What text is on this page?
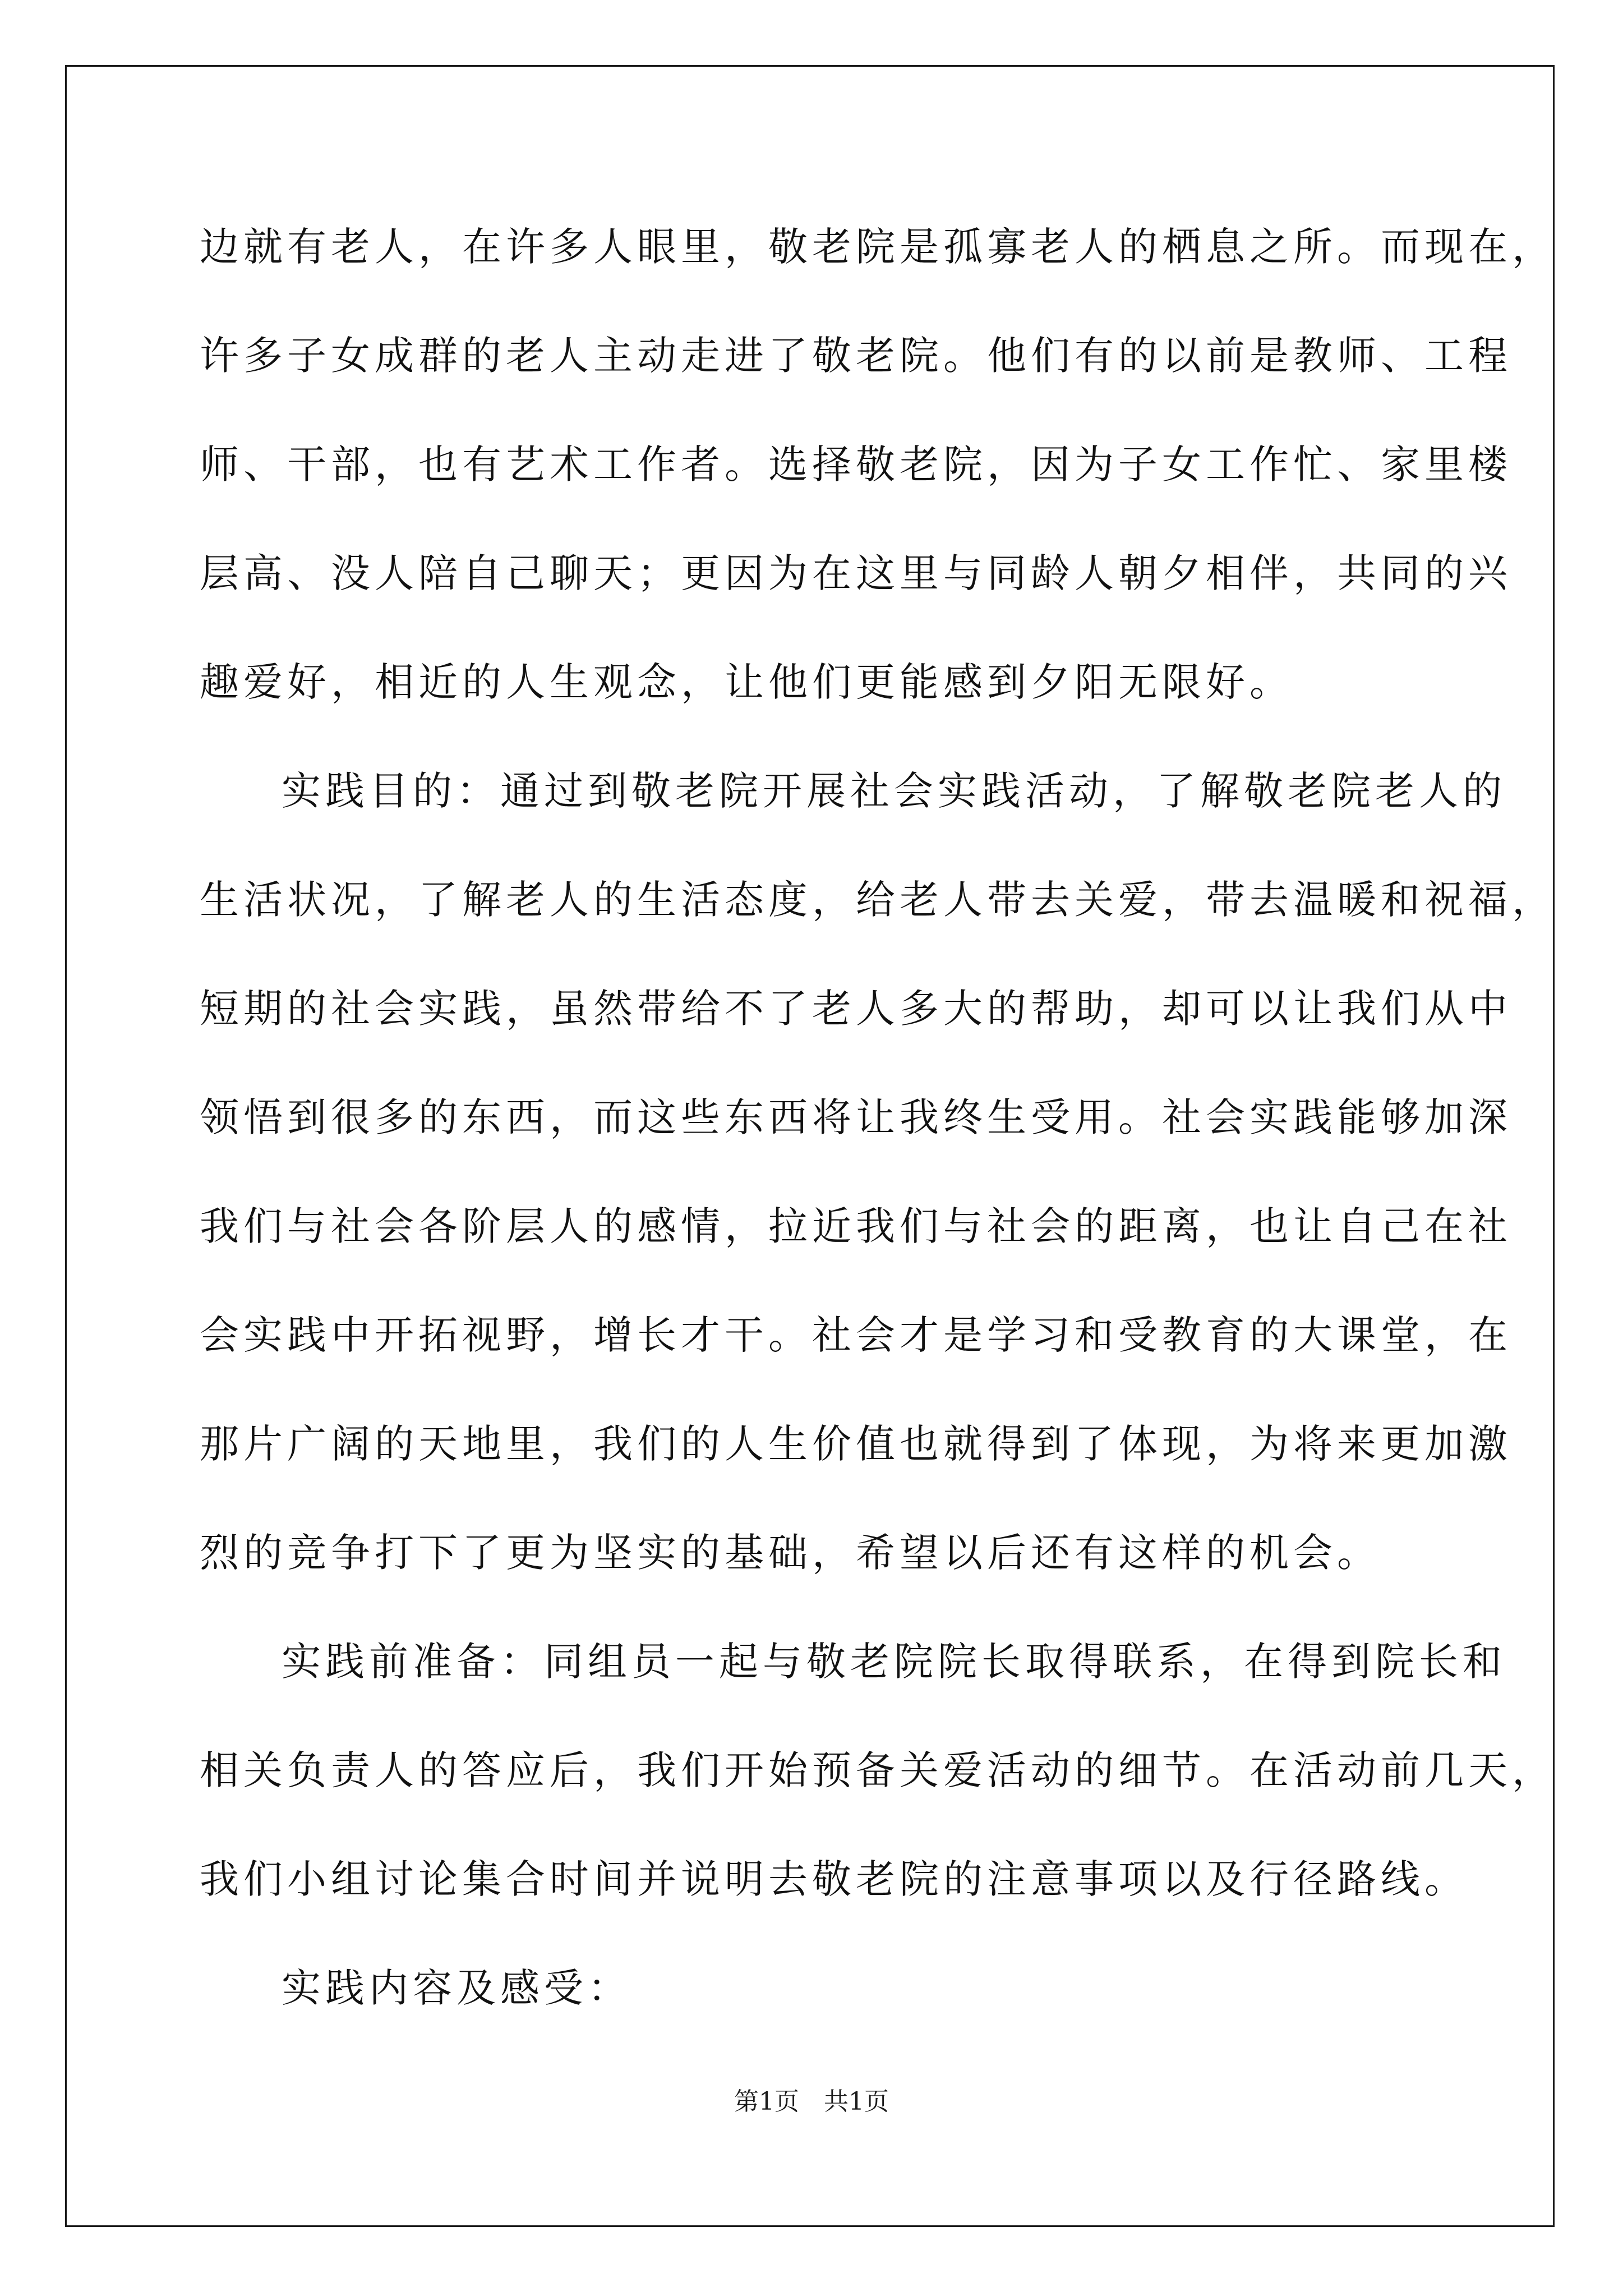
边就有老人，在许多人眼里，敬老院是孤寡老人的栖息之所。而现在，
许多子女成群的老人主动走进了敬老院。他们有的以前是教师、工程
师、干部，也有艺术工作者。选择敬老院，因为子女工作忙、家里楼
层高、没人陪自己聊天；更因为在这里与同龄人朝夕相伴，共同的兴
趣爱好，相近的人生观念，让他们更能感到夕阳无限好。
实践目的：通过到敬老院开展社会实践活动，了解敬老院老人的
生活状况，了解老人的生活态度，给老人带去关爱，带去温暖和祝福，
短期的社会实践，虽然带给不了老人多大的帮助，却可以让我们从中
领悟到很多的东西，而这些东西将让我终生受用。社会实践能够加深
我们与社会各阶层人的感情，拉近我们与社会的距离，也让自己在社
会实践中开拓视野，增长才干。社会才是学习和受教育的大课堂，在
那片广阔的天地里，我们的人生价值也就得到了体现，为将来更加激
烈的竞争打下了更为坚实的基础，希望以后还有这样的机会。
实践前准备：同组员一起与敬老院院长取得联系，在得到院长和
相关负责人的答应后，我们开始预备关爱活动的细节。在活动前几天，
我们小组讨论集合时间并说明去敬老院的注意事项以及行径路线。
实践内容及感受：
第1页　共1页
